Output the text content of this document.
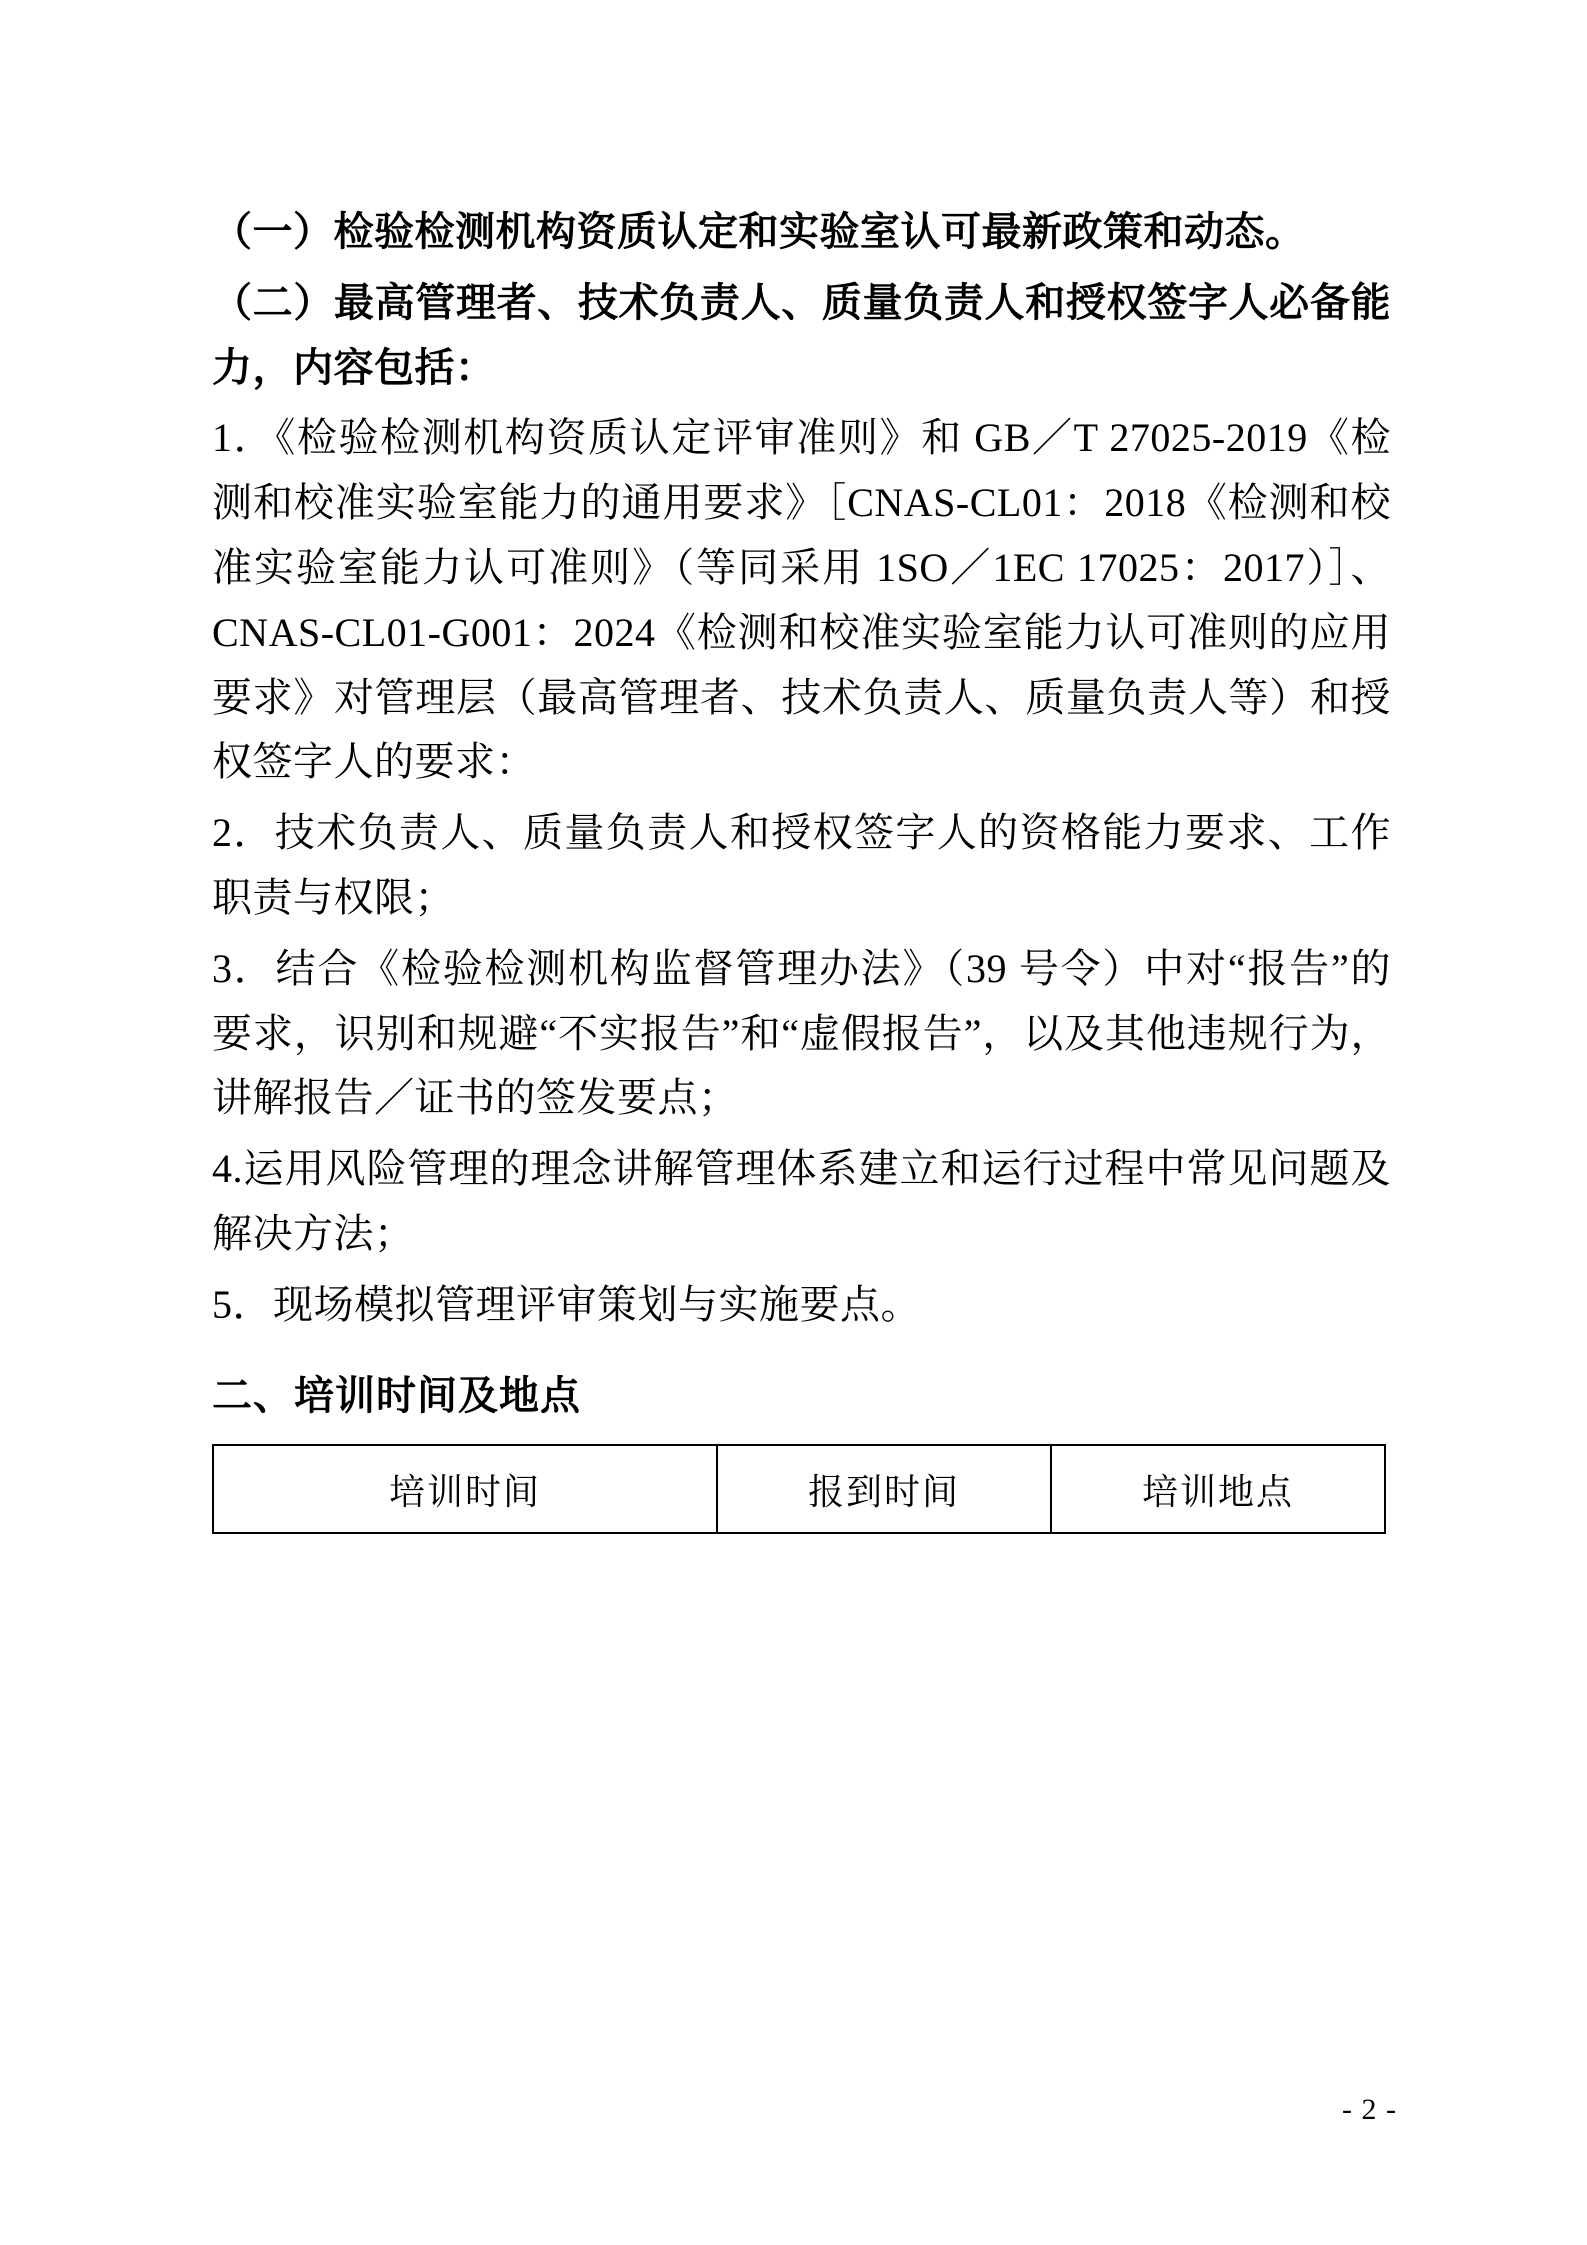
（一）检验检测机构资质认定和实验室认可最新政策和动态。

（二）最高管理者、技术负责人、质量负责人和授权签字人必备能力，内容包括：

1．《检验检测机构资质认定评审准则》和 GB／T 27025-2019《检测和校准实验室能力的通用要求》［CNAS-CL01：2018《检测和校准实验室能力认可准则》（等同采用 1SO／1EC 17025：2017）］、CNAS-CL01-G001：2024《检测和校准实验室能力认可准则的应用要求》对管理层（最高管理者、技术负责人、质量负责人等）和授权签字人的要求：

2．技术负责人、质量负责人和授权签字人的资格能力要求、工作职责与权限；

3．结合《检验检测机构监督管理办法》（39 号令）中对“报告”的要求，识别和规避“不实报告”和“虚假报告”，以及其他违规行为，讲解报告／证书的签发要点；

4.运用风险管理的理念讲解管理体系建立和运行过程中常见问题及解决方法；

5．现场模拟管理评审策划与实施要点。

二、培训时间及地点
培训时间	报到时间	培训地点
- 2 -
